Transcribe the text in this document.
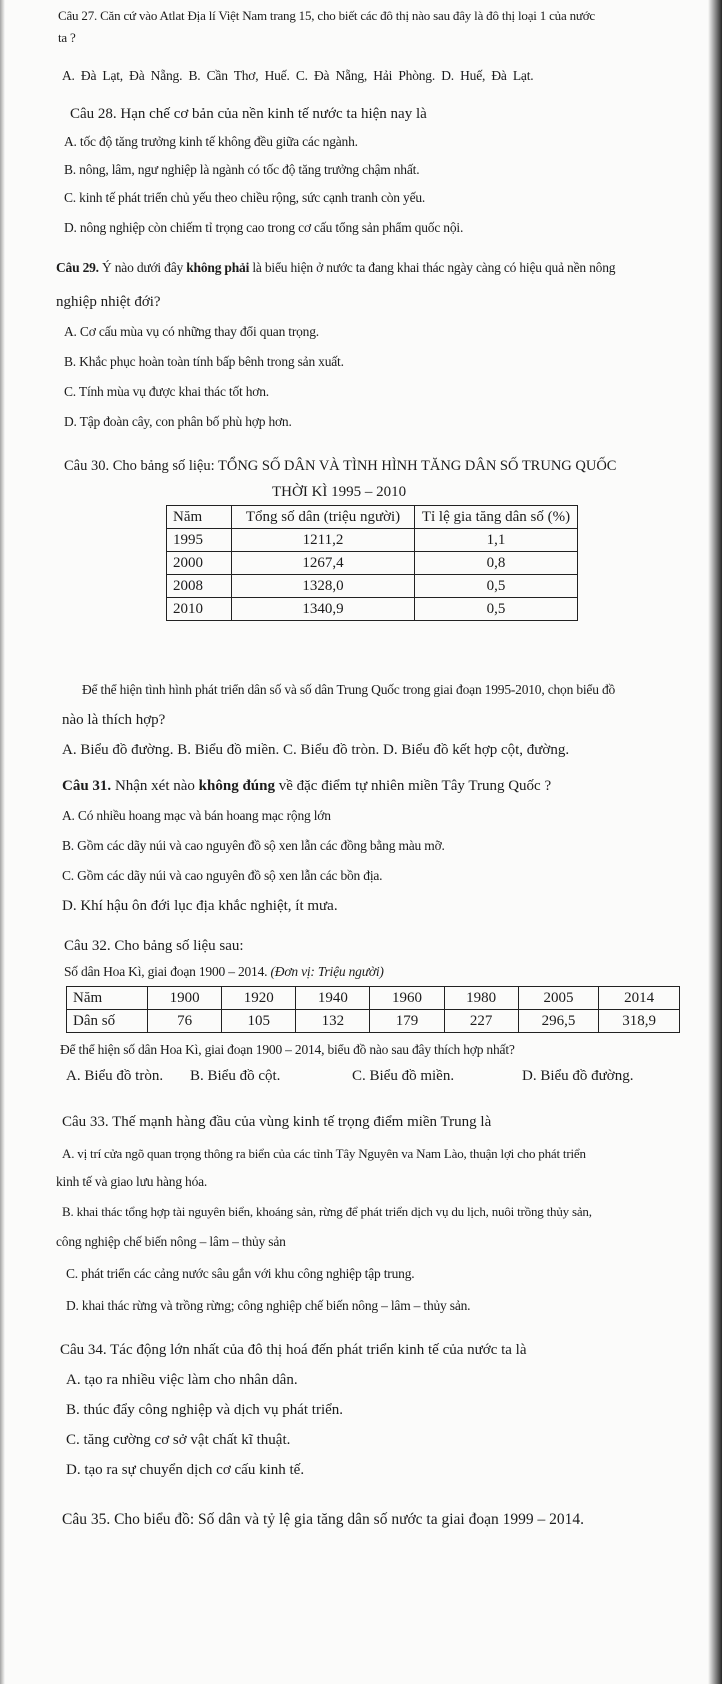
Câu 27. Căn cứ vào Atlat Địa lí Việt Nam trang 15, cho biết các đô thị nào sau đây là đô thị loại 1 của nước
ta ?
A. Đà Lạt, Đà Nẵng. B. Cần Thơ, Huế. C. Đà Nẵng, Hải Phòng. D. Huế, Đà Lạt.
Câu 28. Hạn chế cơ bản của nền kinh tế nước ta hiện nay là
A. tốc độ tăng trưởng kinh tế không đều giữa các ngành.
B. nông, lâm, ngư nghiệp là ngành có tốc độ tăng trưởng chậm nhất.
C. kinh tế phát triển chủ yếu theo chiều rộng, sức cạnh tranh còn yếu.
D. nông nghiệp còn chiếm tỉ trọng cao trong cơ cấu tổng sản phẩm quốc nội.
Câu 29. Ý nào dưới đây không phải là biểu hiện ở nước ta đang khai thác ngày càng có hiệu quả nền nông
nghiệp nhiệt đới?
A. Cơ cấu mùa vụ có những thay đổi quan trọng.
B. Khắc phục hoàn toàn tính bấp bênh trong sản xuất.
C. Tính mùa vụ được khai thác tốt hơn.
D. Tập đoàn cây, con phân bố phù hợp hơn.
Câu 30. Cho bảng số liệu: TỔNG SỐ DÂN VÀ TÌNH HÌNH TĂNG DÂN SỐ TRUNG QUỐC
THỜI KÌ 1995 – 2010
Năm	Tổng số dân (triệu người)	Tỉ lệ gia tăng dân số (%)
1995	1211,2	1,1
2000	1267,4	0,8
2008	1328,0	0,5
2010	1340,9	0,5
Để thể hiện tình hình phát triển dân số và số dân Trung Quốc trong giai đoạn 1995-2010, chọn biểu đồ
nào là thích hợp?
A. Biểu đồ đường. B. Biểu đồ miền. C. Biểu đồ tròn. D. Biểu đồ kết hợp cột, đường.
Câu 31. Nhận xét nào không đúng về đặc điểm tự nhiên miền Tây Trung Quốc ?
A. Có nhiều hoang mạc và bán hoang mạc rộng lớn
B. Gồm các dãy núi và cao nguyên đồ sộ xen lẫn các đồng bằng màu mỡ.
C. Gồm các dãy núi và cao nguyên đồ sộ xen lẫn các bồn địa.
D. Khí hậu ôn đới lục địa khắc nghiệt, ít mưa.
Câu 32. Cho bảng số liệu sau:
Số dân Hoa Kì, giai đoạn 1900 – 2014. (Đơn vị: Triệu người)
Năm	1900	1920	1940	1960	1980	2005	2014
Dân số	76	105	132	179	227	296,5	318,9
Để thể hiện số dân Hoa Kì, giai đoạn 1900 – 2014, biểu đồ nào sau đây thích hợp nhất?
A. Biểu đồ tròn. B. Biểu đồ cột.	C. Biểu đồ miền.	D. Biểu đồ đường.
Câu 33. Thế mạnh hàng đầu của vùng kinh tế trọng điểm miền Trung là
A. vị trí cửa ngõ quan trọng thông ra biển của các tỉnh Tây Nguyên va Nam Lào, thuận lợi cho phát triển
kinh tế và giao lưu hàng hóa.
B. khai thác tổng hợp tài nguyên biển, khoáng sản, rừng để phát triển dịch vụ du lịch, nuôi trồng thủy sản,
công nghiệp chế biến nông – lâm – thủy sản
C. phát triển các cảng nước sâu gắn với khu công nghiệp tập trung.
D. khai thác rừng và trồng rừng; công nghiệp chế biến nông – lâm – thủy sản.
Câu 34. Tác động lớn nhất của đô thị hoá đến phát triển kinh tế của nước ta là
A. tạo ra nhiều việc làm cho nhân dân.
B. thúc đẩy công nghiệp và dịch vụ phát triển.
C. tăng cường cơ sở vật chất kĩ thuật.
D. tạo ra sự chuyển dịch cơ cấu kinh tế.
Câu 35. Cho biểu đồ: Số dân và tỷ lệ gia tăng dân số nước ta giai đoạn 1999 – 2014.
